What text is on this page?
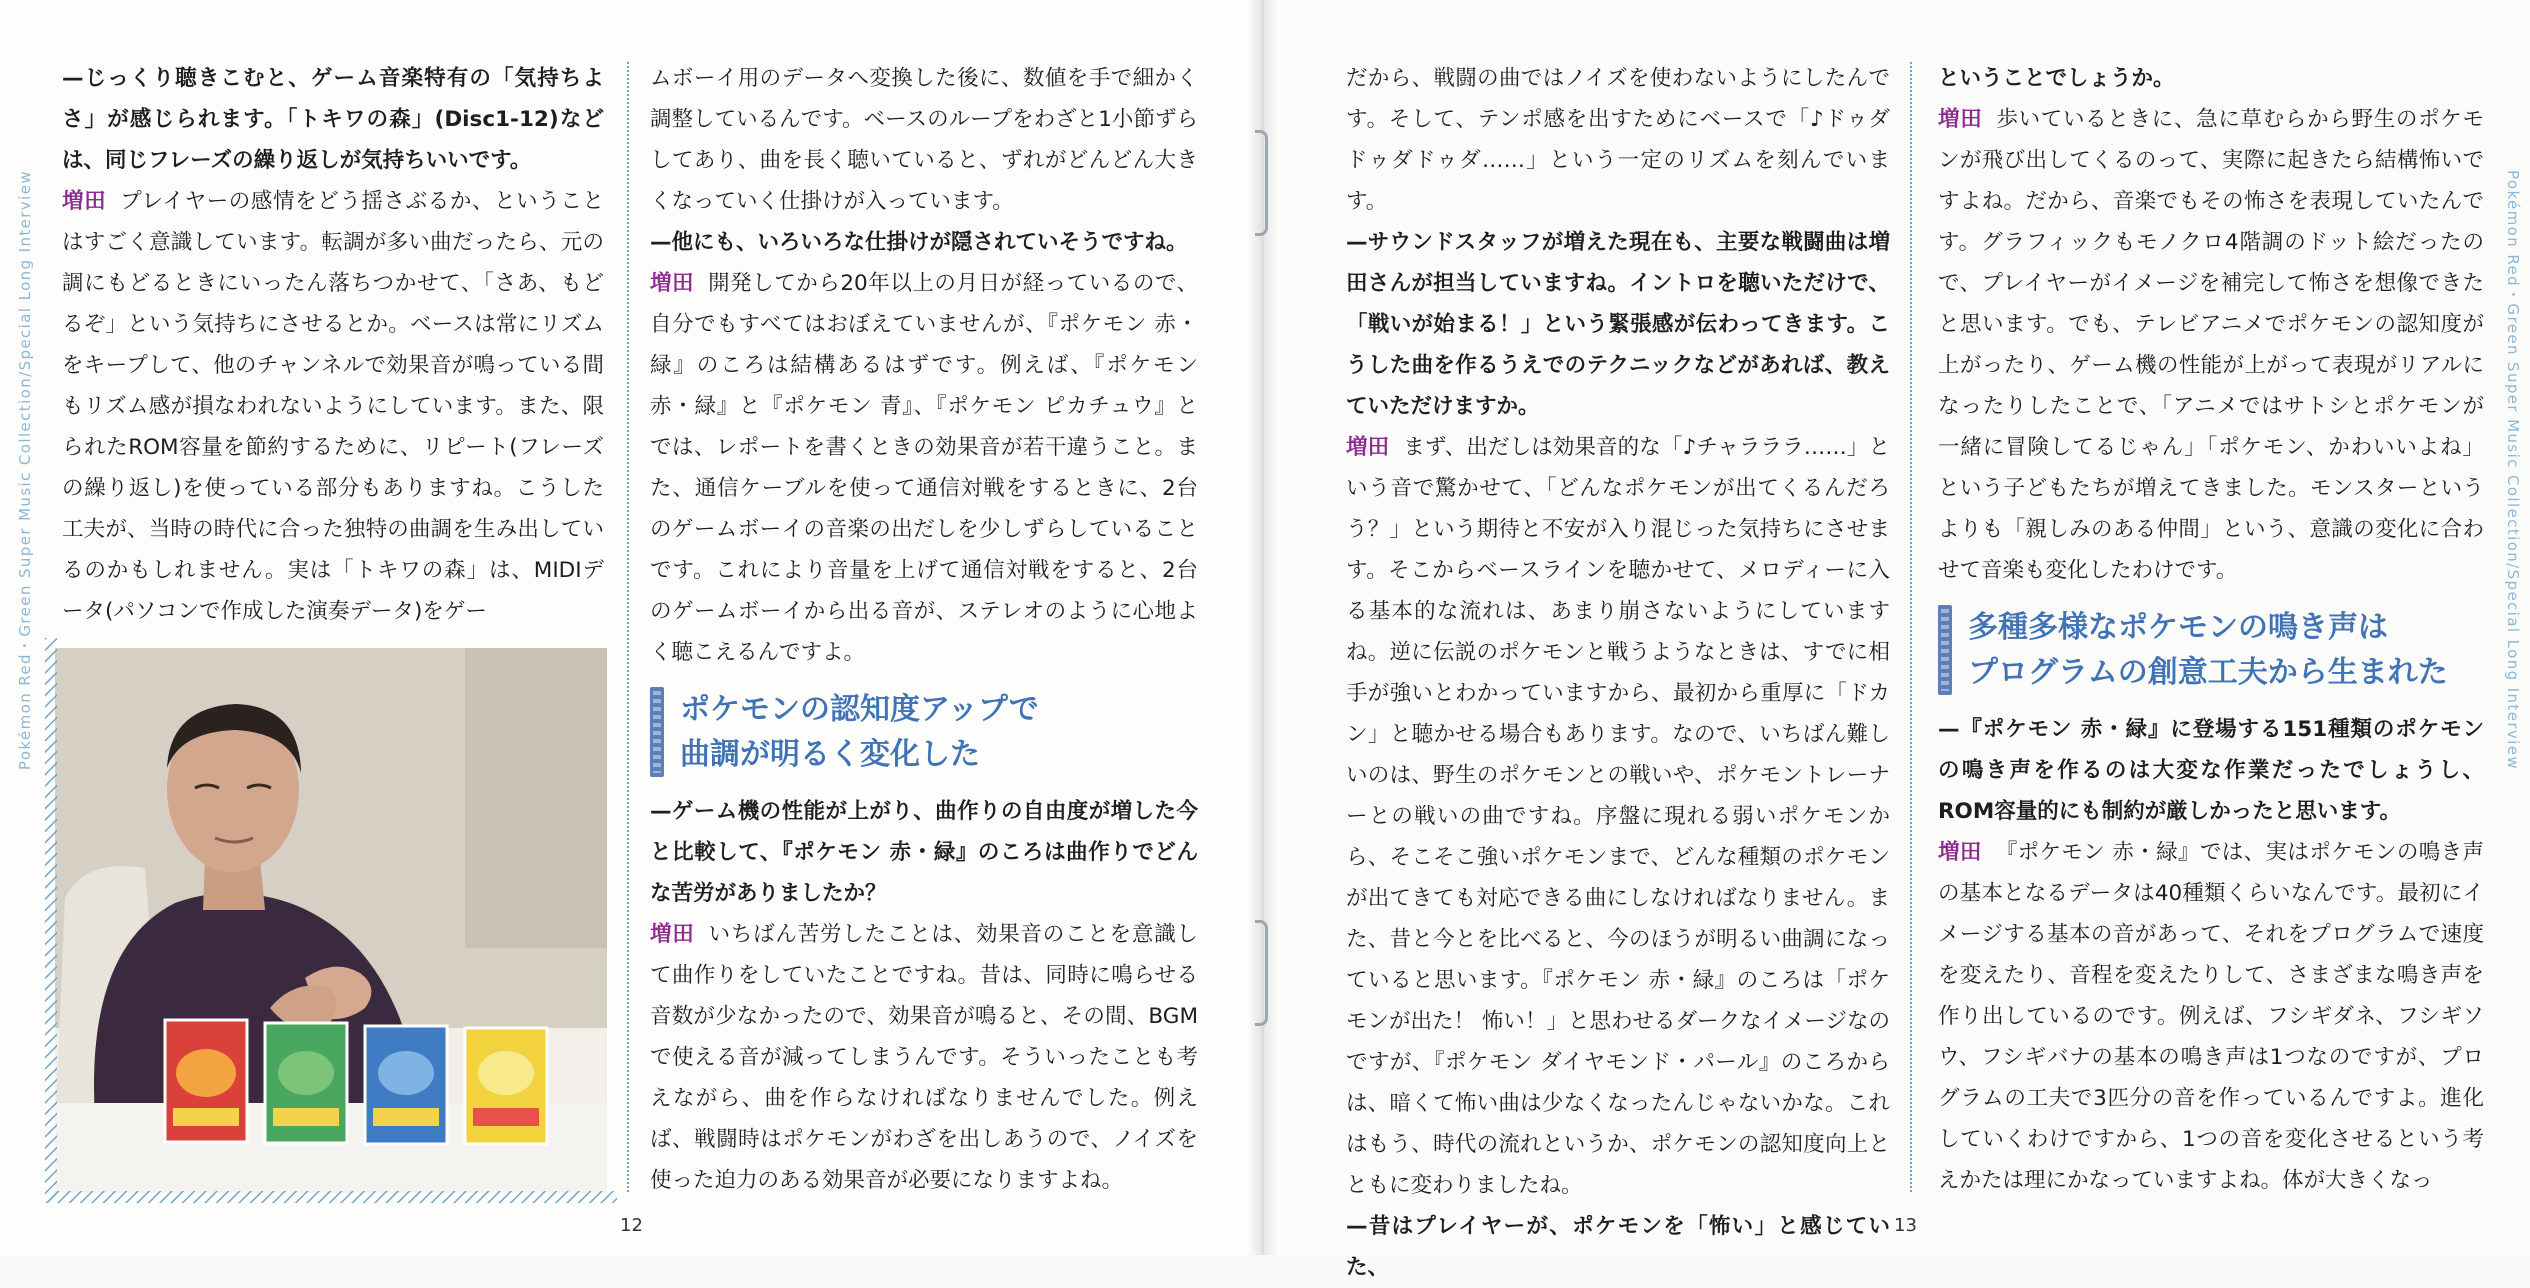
Pokémon Red・Green Super Music Collection/Special Long Interview

—じっくり聴きこむと、ゲーム音楽特有の「気持ちよさ」が感じられます。「トキワの森」(Disc1-12)などは、同じフレーズの繰り返しが気持ちいいです。

増田 プレイヤーの感情をどう揺さぶるか、ということはすごく意識しています。転調が多い曲だったら、元の調にもどるときにいったん落ちつかせて、「さあ、もどるぞ」という気持ちにさせるとか。ベースは常にリズムをキープして、他のチャンネルで効果音が鳴っている間もリズム感が損なわれないようにしています。また、限られたROM容量を節約するために、リピート(フレーズの繰り返し)を使っている部分もありますね。こうした工夫が、当時の時代に合った独特の曲調を生み出しているのかもしれません。実は「トキワの森」は、MIDIデータ(パソコンで作成した演奏データ)をゲー

ムボーイ用のデータへ変換した後に、数値を手で細かく調整しているんです。ベースのループをわざと1小節ずらしてあり、曲を長く聴いていると、ずれがどんどん大きくなっていく仕掛けが入っています。

—他にも、いろいろな仕掛けが隠されていそうですね。

増田 開発してから20年以上の月日が経っているので、自分でもすべてはおぼえていませんが、『ポケモン 赤・緑』のころは結構あるはずです。例えば、『ポケモン 赤・緑』と『ポケモン 青』、『ポケモン ピカチュウ』とでは、レポートを書くときの効果音が若干違うこと。また、通信ケーブルを使って通信対戦をするときに、2台のゲームボーイの音楽の出だしを少しずらしていることです。これにより音量を上げて通信対戦をすると、2台のゲームボーイから出る音が、ステレオのように心地よく聴こえるんですよ。

ポケモンの認知度アップで
曲調が明るく変化した

—ゲーム機の性能が上がり、曲作りの自由度が増した今と比較して、『ポケモン 赤・緑』のころは曲作りでどんな苦労がありましたか？

増田 いちばん苦労したことは、効果音のことを意識して曲作りをしていたことですね。昔は、同時に鳴らせる音数が少なかったので、効果音が鳴ると、その間、BGMで使える音が減ってしまうんです。そういったことも考えながら、曲を作らなければなりませんでした。例えば、戦闘時はポケモンがわざを出しあうので、ノイズを使った迫力のある効果音が必要になりますよね。

12

だから、戦闘の曲ではノイズを使わないようにしたんです。そして、テンポ感を出すためにベースで「♪ドゥダドゥダドゥダ……」という一定のリズムを刻んでいます。

—サウンドスタッフが増えた現在も、主要な戦闘曲は増田さんが担当していますね。イントロを聴いただけで、「戦いが始まる！」という緊張感が伝わってきます。こうした曲を作るうえでのテクニックなどがあれば、教えていただけますか。

増田 まず、出だしは効果音的な「♪チャラララ……」という音で驚かせて、「どんなポケモンが出てくるんだろう？」という期待と不安が入り混じった気持ちにさせます。そこからベースラインを聴かせて、メロディーに入る基本的な流れは、あまり崩さないようにしていますね。逆に伝説のポケモンと戦うようなときは、すでに相手が強いとわかっていますから、最初から重厚に「ドカン」と聴かせる場合もあります。なので、いちばん難しいのは、野生のポケモンとの戦いや、ポケモントレーナーとの戦いの曲ですね。序盤に現れる弱いポケモンから、そこそこ強いポケモンまで、どんな種類のポケモンが出てきても対応できる曲にしなければなりません。また、昔と今とを比べると、今のほうが明るい曲調になっていると思います。『ポケモン 赤・緑』のころは「ポケモンが出た！ 怖い！」と思わせるダークなイメージなのですが、『ポケモン ダイヤモンド・パール』のころからは、暗くて怖い曲は少なくなったんじゃないかな。これはもう、時代の流れというか、ポケモンの認知度向上とともに変わりましたね。

—昔はプレイヤーが、ポケモンを「怖い」と感じていた、

ということでしょうか。

増田 歩いているときに、急に草むらから野生のポケモンが飛び出してくるのって、実際に起きたら結構怖いですよね。だから、音楽でもその怖さを表現していたんです。グラフィックもモノクロ4階調のドット絵だったので、プレイヤーがイメージを補完して怖さを想像できたと思います。でも、テレビアニメでポケモンの認知度が上がったり、ゲーム機の性能が上がって表現がリアルになったりしたことで、「アニメではサトシとポケモンが一緒に冒険してるじゃん」「ポケモン、かわいいよね」という子どもたちが増えてきました。モンスターというよりも「親しみのある仲間」という、意識の変化に合わせて音楽も変化したわけです。

多種多様なポケモンの鳴き声は
プログラムの創意工夫から生まれた

—『ポケモン 赤・緑』に登場する151種類のポケモンの鳴き声を作るのは大変な作業だったでしょうし、ROM容量的にも制約が厳しかったと思います。

増田 『ポケモン 赤・緑』では、実はポケモンの鳴き声の基本となるデータは40種類くらいなんです。最初にイメージする基本の音があって、それをプログラムで速度を変えたり、音程を変えたりして、さまざまな鳴き声を作り出しているのです。例えば、フシギダネ、フシギソウ、フシギバナの基本の鳴き声は1つなのですが、プログラムの工夫で3匹分の音を作っているんですよ。進化していくわけですから、1つの音を変化させるという考えかたは理にかなっていますよね。体が大きくなっ

Pokémon Red・Green Super Music Collection/Special Long Interview
13
